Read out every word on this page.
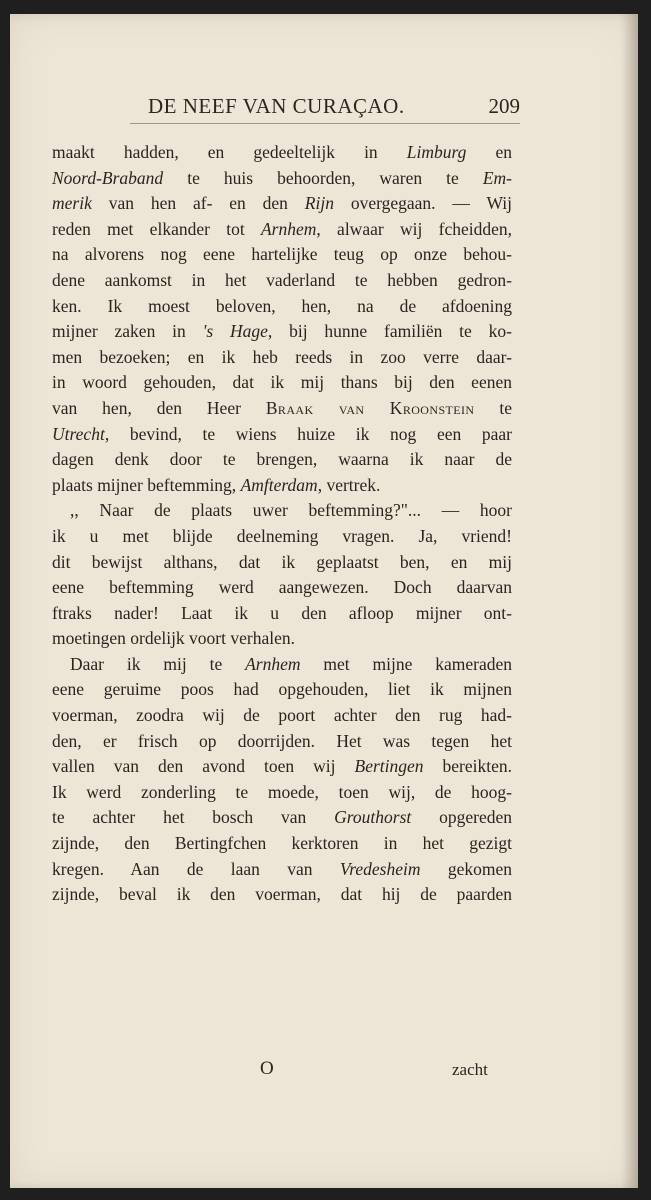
DE NEEF VAN CURAÇAO.	209
maakt hadden, en gedeeltelijk in Limburg en
Noord-Braband te huis behoorden, waren te Em-
merik van hen af- en den Rijn overgegaan. — Wij
reden met elkander tot Arnhem, alwaar wij fcheidden,
na alvorens nog eene hartelijke teug op onze behou-
dene aankomst in het vaderland te hebben gedron-
ken. Ik moest beloven, hen, na de afdoening
mijner zaken in 's Hage, bij hunne familiën te ko-
men bezoeken; en ik heb reeds in zoo verre daar-
in woord gehouden, dat ik mij thans bij den eenen
van hen, den Heer Braak van Kroonstein te
Utrecht, bevind, te wiens huize ik nog een paar
dagen denk door te brengen, waarna ik naar de
plaats mijner beftemming, Amfterdam, vertrek.
,, Naar de plaats uwer beftemming?"... — hoor
ik u met blijde deelneming vragen. Ja, vriend!
dit bewijst althans, dat ik geplaatst ben, en mij
eene beftemming werd aangewezen. Doch daarvan
ftraks nader! Laat ik u den afloop mijner ont-
moetingen ordelijk voort verhalen.
Daar ik mij te Arnhem met mijne kameraden
eene geruime poos had opgehouden, liet ik mijnen
voerman, zoodra wij de poort achter den rug had-
den, er frisch op doorrijden. Het was tegen het
vallen van den avond toen wij Bertingen bereikten.
Ik werd zonderling te moede, toen wij, de hoog-
te achter het bosch van Grouthorst opgereden
zijnde, den Bertingfchen kerktoren in het gezigt
kregen. Aan de laan van Vredesheim gekomen
zijnde, beval ik den voerman, dat hij de paarden
O	zacht
